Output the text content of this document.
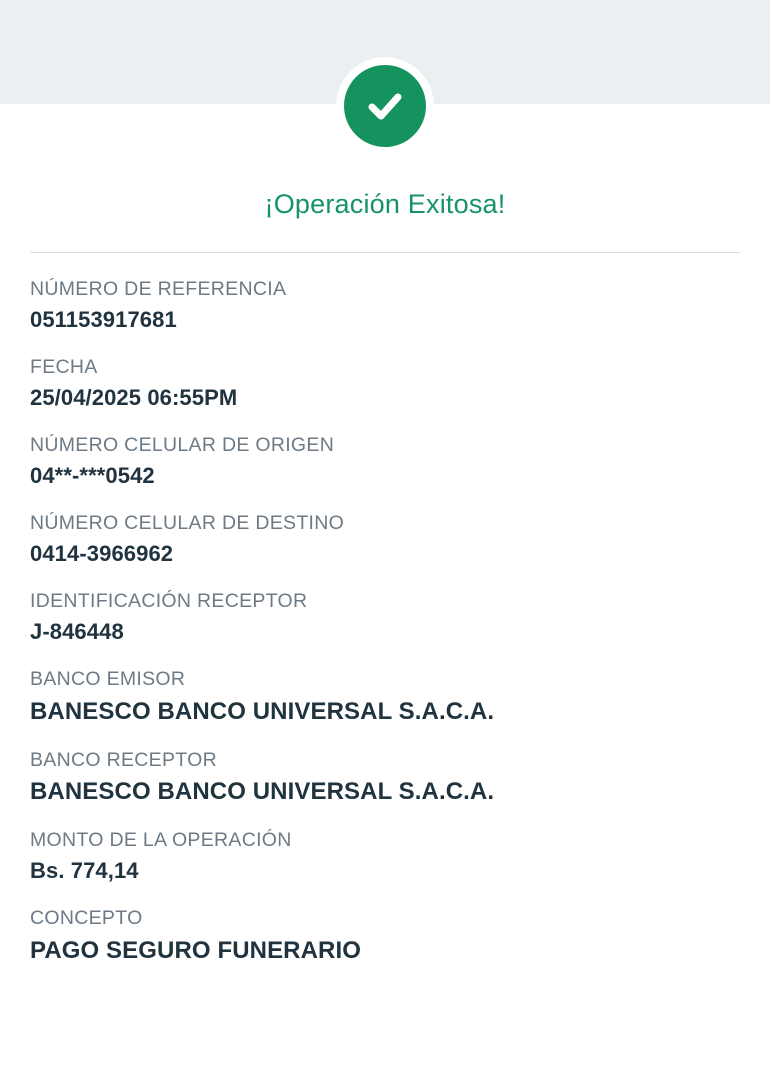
¡Operación Exitosa!
NÚMERO DE REFERENCIA
051153917681
FECHA
25/04/2025 06:55PM
NÚMERO CELULAR DE ORIGEN
04**-***0542
NÚMERO CELULAR DE DESTINO
0414-3966962
IDENTIFICACIÓN RECEPTOR
J-846448
BANCO EMISOR
BANESCO BANCO UNIVERSAL S.A.C.A.
BANCO RECEPTOR
BANESCO BANCO UNIVERSAL S.A.C.A.
MONTO DE LA OPERACIÓN
Bs. 774,14
CONCEPTO
PAGO SEGURO FUNERARIO
